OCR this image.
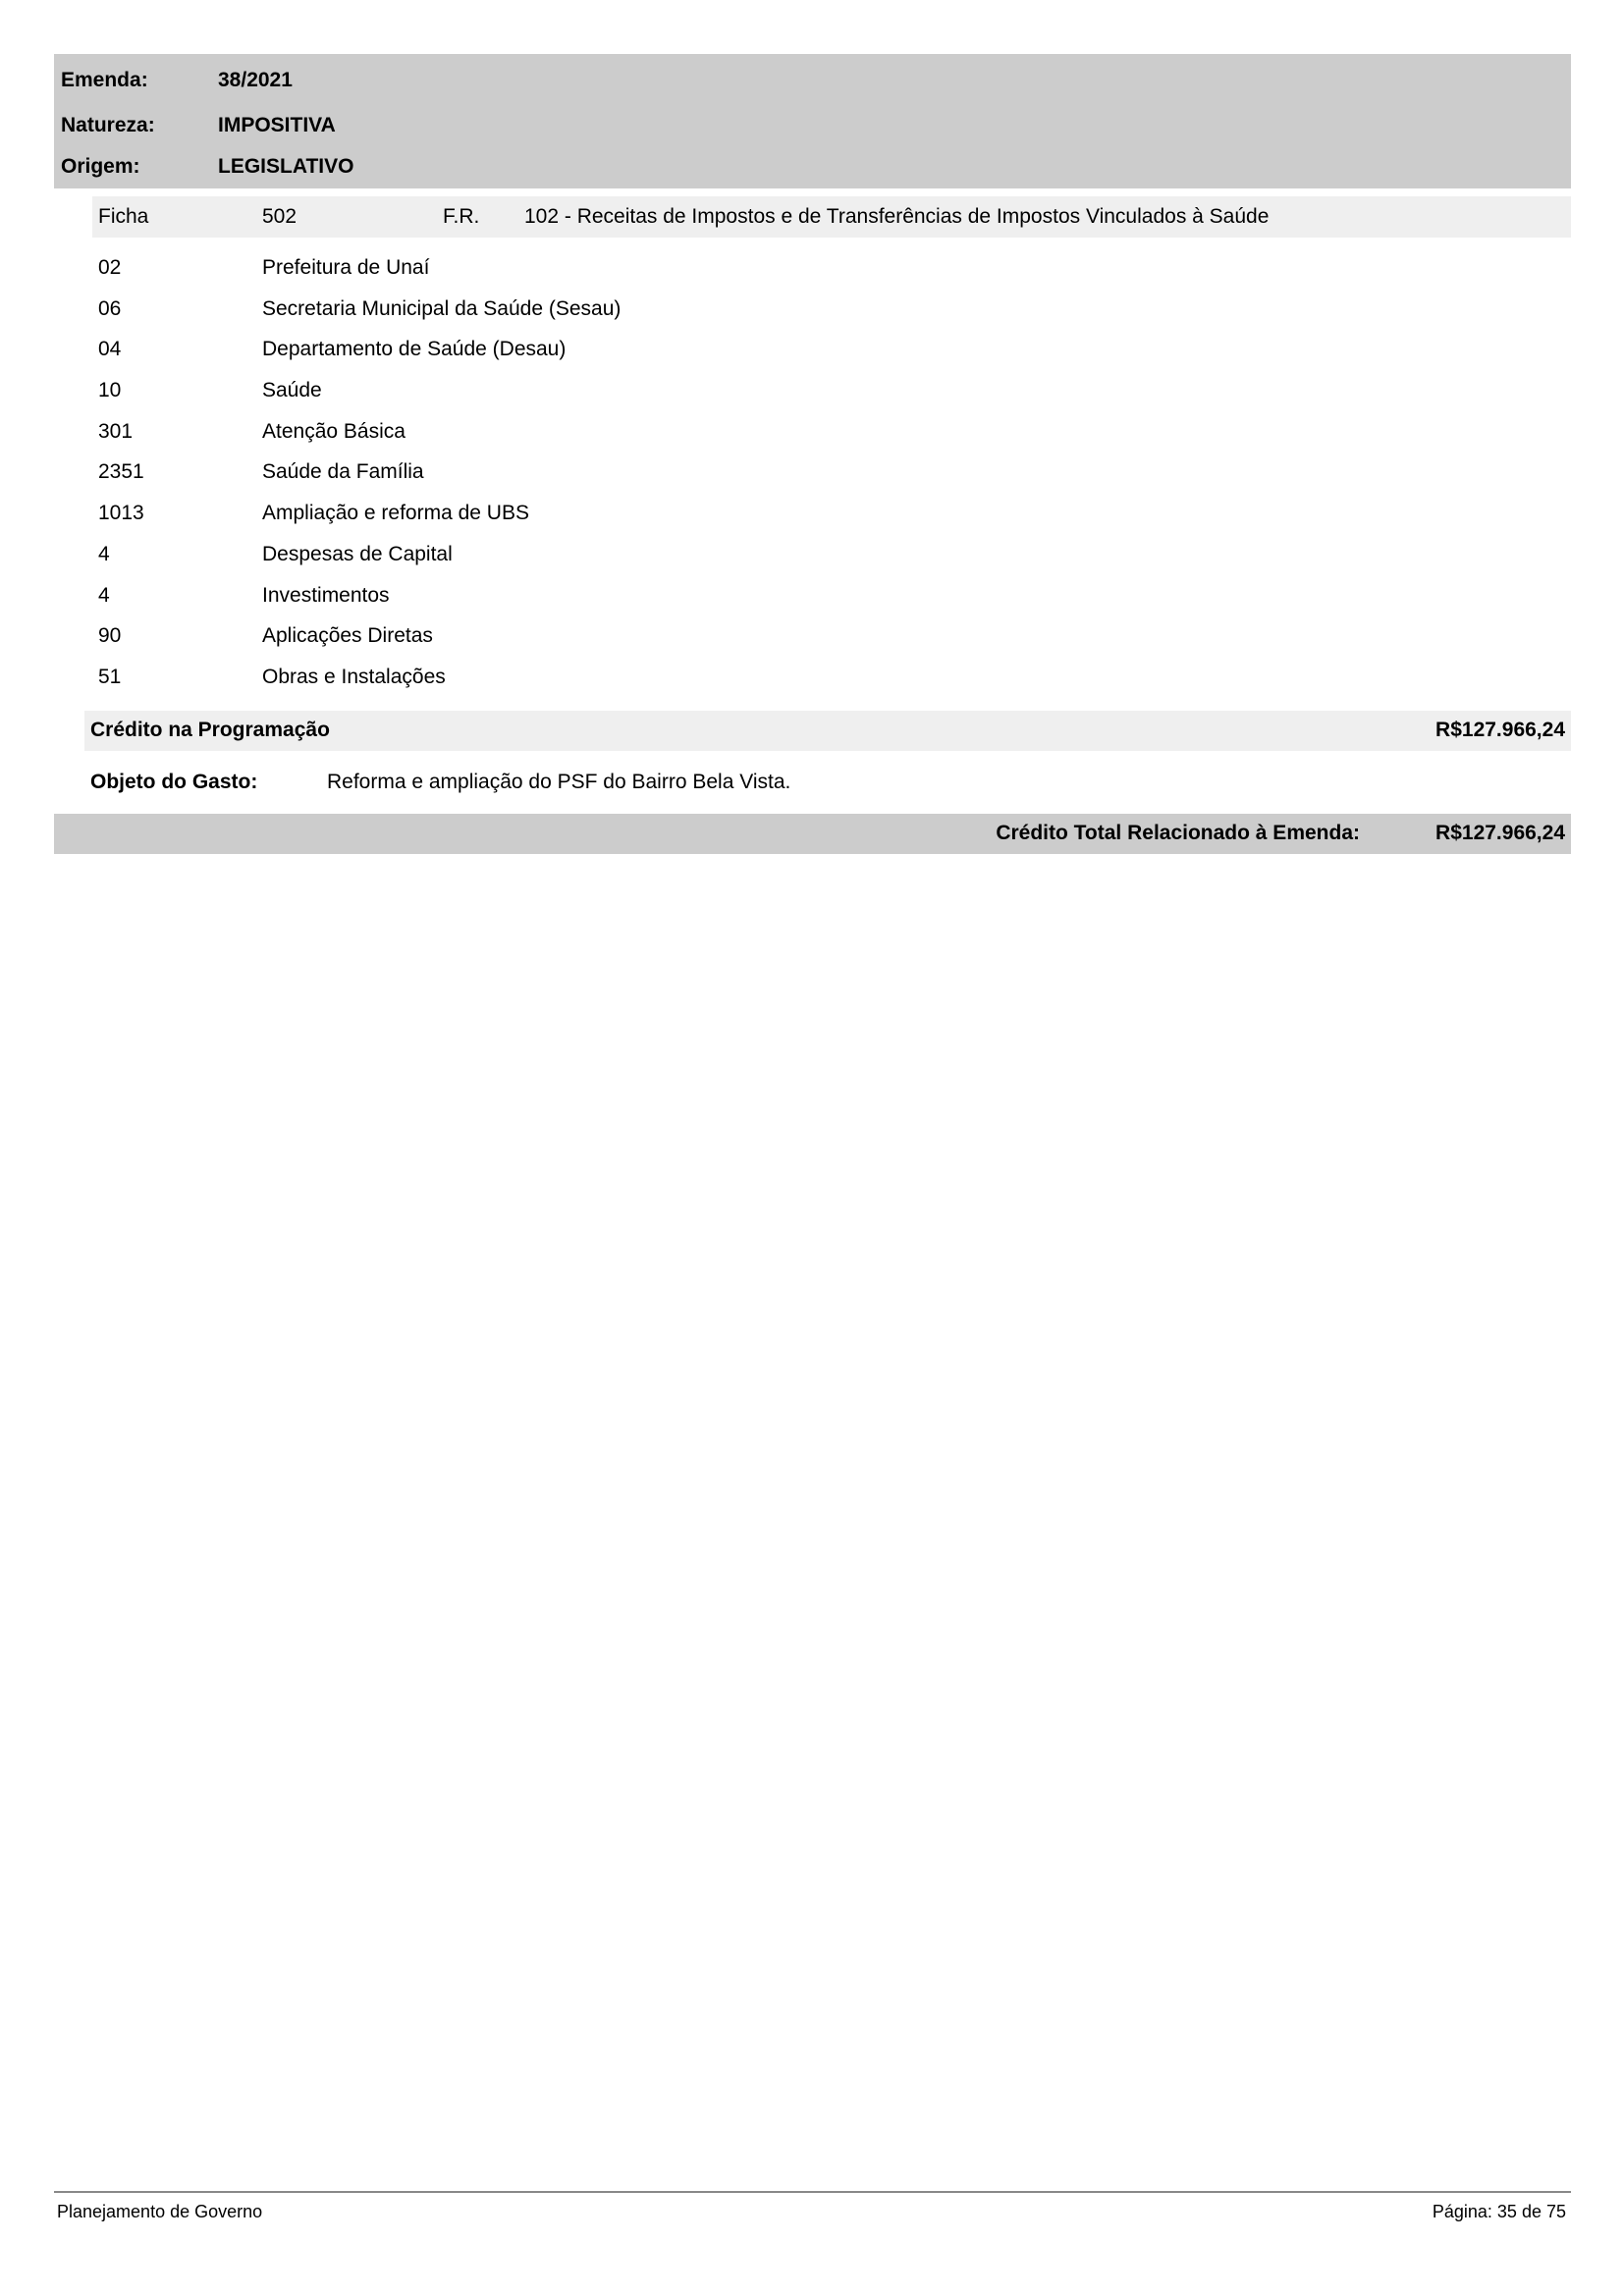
Emenda:	38/2021
Natureza:	IMPOSITIVA
Origem:	LEGISLATIVO
Ficha	502	F.R. 102 - Receitas de Impostos e de Transferências de Impostos Vinculados à Saúde
02	Prefeitura de Unaí
06	Secretaria Municipal da Saúde (Sesau)
04	Departamento de Saúde (Desau)
10	Saúde
301	Atenção Básica
2351	Saúde da Família
1013	Ampliação e reforma de UBS
4	Despesas de Capital
4	Investimentos
90	Aplicações Diretas
51	Obras e Instalações
Crédito na Programação	R$127.966,24
Objeto do Gasto:	Reforma e ampliação do PSF do Bairro Bela Vista.
Crédito Total Relacionado à Emenda:	R$127.966,24
Planejamento de Governo	Página: 35 de 75
